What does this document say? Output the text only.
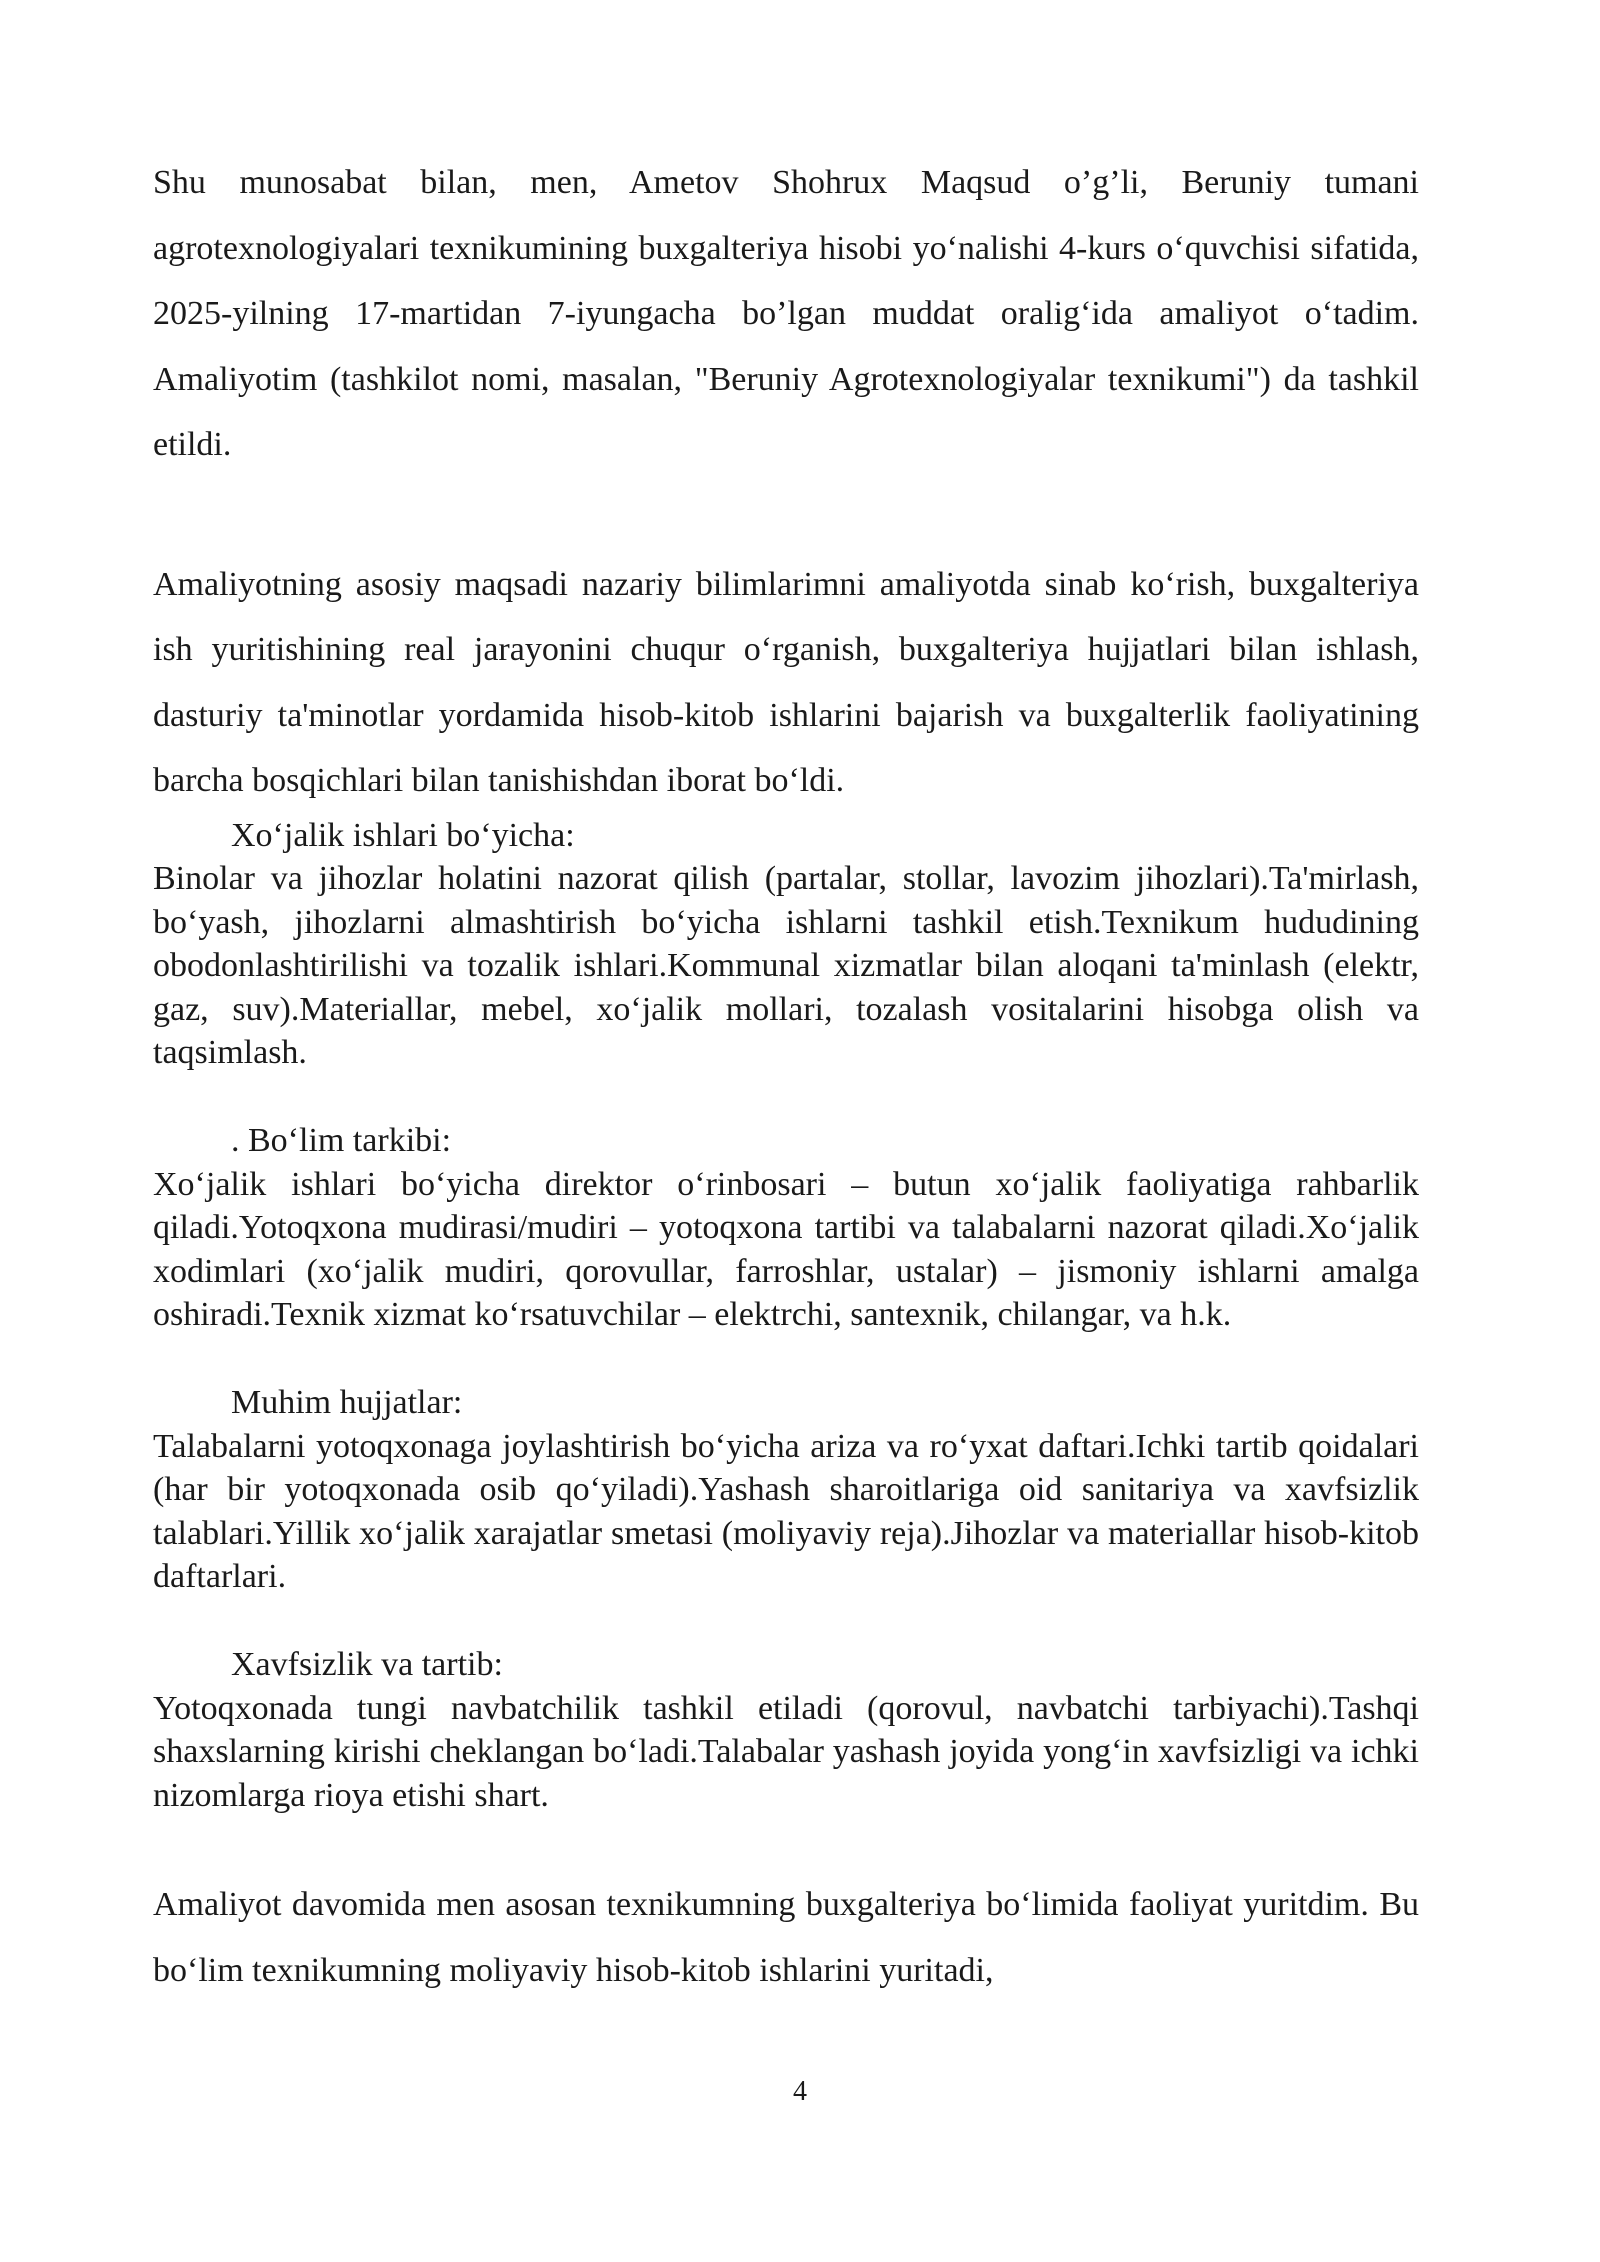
Shu munosabat bilan, men, Ametov Shohrux Maqsud o’g’li, Beruniy tumani agrotexnologiyalari texnikumining buxgalteriya hisobi yoʻnalishi 4-kurs oʻquvchisi sifatida, 2025-yilning 17-martidan 7-iyungacha bo’lgan muddat oraligʻida amaliyot oʻtadim. Amaliyotim (tashkilot nomi, masalan, "Beruniy Agrotexnologiyalar texnikumi") da tashkil etildi.

Amaliyotning asosiy maqsadi nazariy bilimlarimni amaliyotda sinab koʻrish, buxgalteriya ish yuritishining real jarayonini chuqur oʻrganish, buxgalteriya hujjatlari bilan ishlash, dasturiy ta'minotlar yordamida hisob-kitob ishlarini bajarish va buxgalterlik faoliyatining barcha bosqichlari bilan tanishishdan iborat boʻldi.

Xoʻjalik ishlari boʻyicha:

Binolar va jihozlar holatini nazorat qilish (partalar, stollar, lavozim jihozlari).Ta'mirlash, boʻyash, jihozlarni almashtirish boʻyicha ishlarni tashkil etish.Texnikum hududining obodonlashtirilishi va tozalik ishlari.Kommunal xizmatlar bilan aloqani ta'minlash (elektr, gaz, suv).Materiallar, mebel, xoʻjalik mollari, tozalash vositalarini hisobga olish va taqsimlash.

. Boʻlim tarkibi:

Xoʻjalik ishlari boʻyicha direktor oʻrinbosari – butun xoʻjalik faoliyatiga rahbarlik qiladi.Yotoqxona mudirasi/mudiri – yotoqxona tartibi va talabalarni nazorat qiladi.Xoʻjalik xodimlari (xoʻjalik mudiri, qorovullar, farroshlar, ustalar) – jismoniy ishlarni amalga oshiradi.Texnik xizmat koʻrsatuvchilar – elektrchi, santexnik, chilangar, va h.k.

Muhim hujjatlar:

Talabalarni yotoqxonaga joylashtirish boʻyicha ariza va roʻyxat daftari.Ichki tartib qoidalari (har bir yotoqxonada osib qoʻyiladi).Yashash sharoitlariga oid sanitariya va xavfsizlik talablari.Yillik xoʻjalik xarajatlar smetasi (moliyaviy reja).Jihozlar va materiallar hisob-kitob daftarlari.

Xavfsizlik va tartib:

Yotoqxonada tungi navbatchilik tashkil etiladi (qorovul, navbatchi tarbiyachi).Tashqi shaxslarning kirishi cheklangan boʻladi.Talabalar yashash joyida yongʻin xavfsizligi va ichki nizomlarga rioya etishi shart.

Amaliyot davomida men asosan texnikumning buxgalteriya boʻlimida faoliyat yuritdim. Bu boʻlim texnikumning moliyaviy hisob-kitob ishlarini yuritadi,

4
